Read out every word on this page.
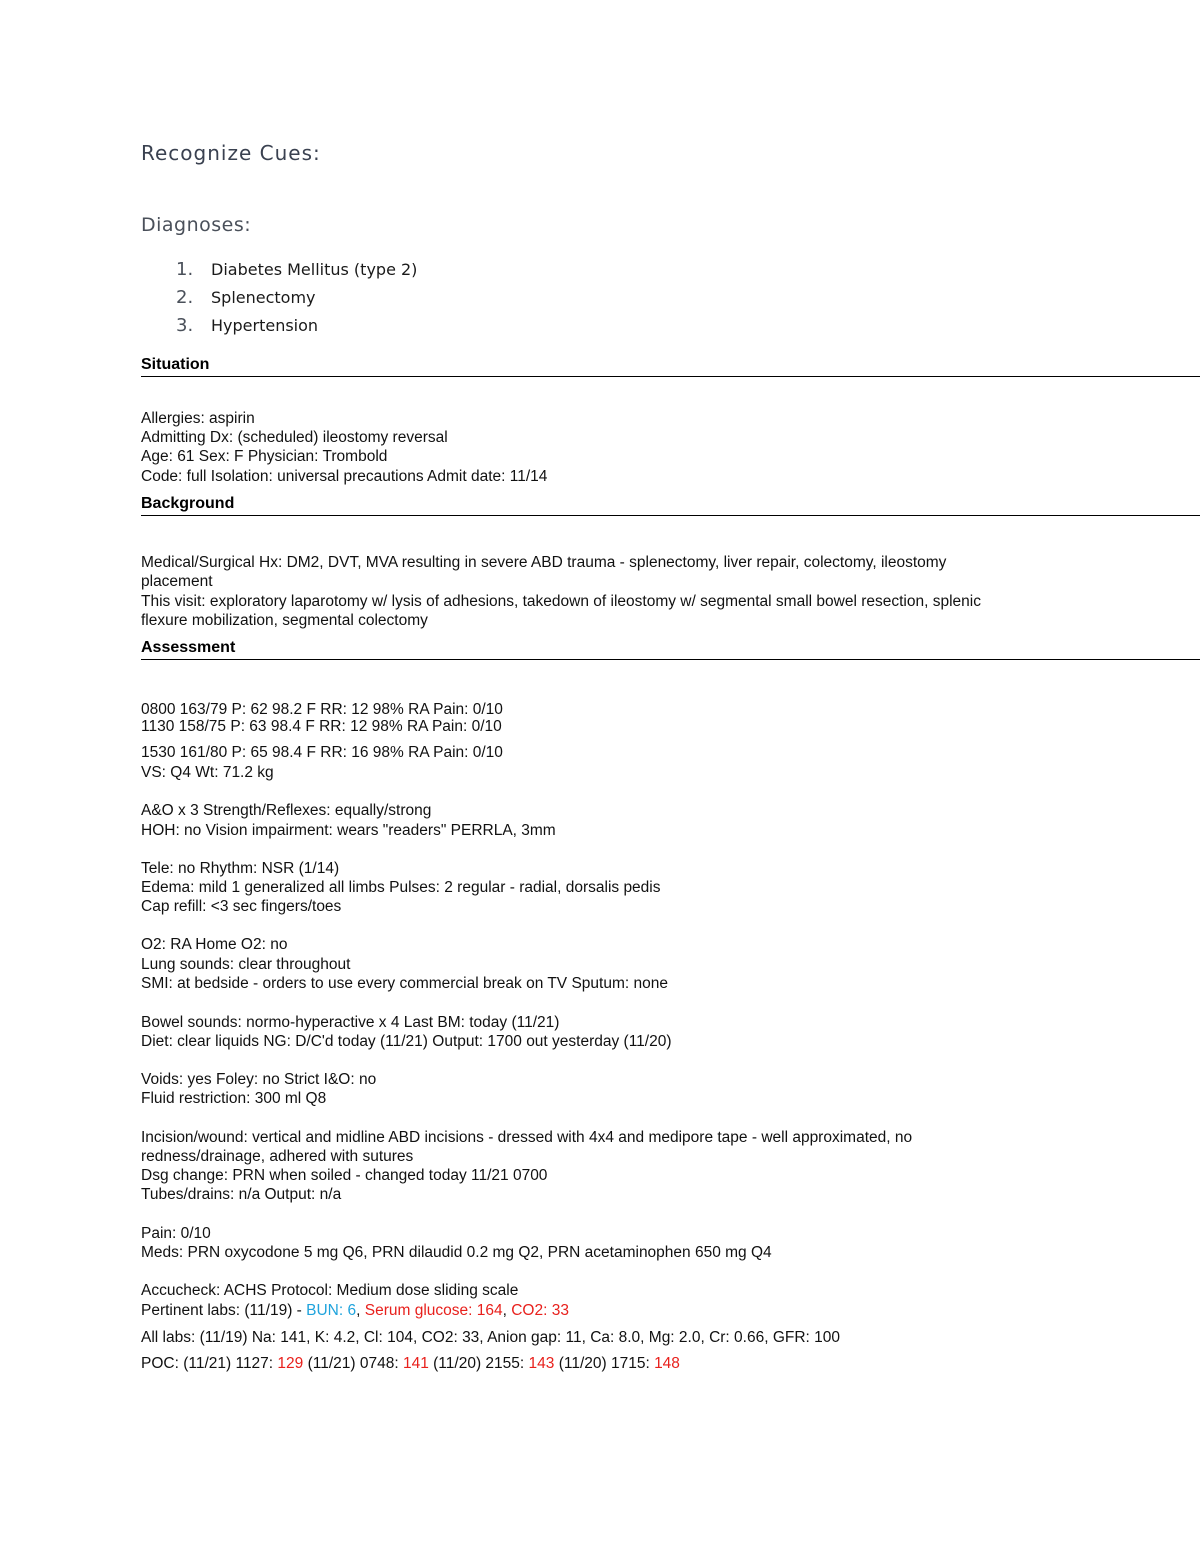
Recognize Cues:
Diagnoses:
1. Diabetes Mellitus (type 2)
2. Splenectomy
3. Hypertension
Situation
Allergies: aspirin
Admitting Dx: (scheduled) ileostomy reversal
Age: 61 Sex: F Physician: Trombold
Code: full Isolation: universal precautions Admit date: 11/14
Background
Medical/Surgical Hx: DM2, DVT, MVA resulting in severe ABD trauma - splenectomy, liver repair, colectomy, ileostomy
placement
This visit: exploratory laparotomy w/ lysis of adhesions, takedown of ileostomy w/ segmental small bowel resection, splenic
flexure mobilization, segmental colectomy
Assessment
0800 163/79 P: 62 98.2 F RR: 12 98% RA Pain: 0/10
1130 158/75 P: 63 98.4 F RR: 12 98% RA Pain: 0/10
1530 161/80 P: 65 98.4 F RR: 16 98% RA Pain: 0/10
VS: Q4 Wt: 71.2 kg
A&O x 3 Strength/Reflexes: equally/strong
HOH: no Vision impairment: wears "readers" PERRLA, 3mm
Tele: no Rhythm: NSR (1/14)
Edema: mild 1 generalized all limbs Pulses: 2 regular - radial, dorsalis pedis
Cap refill: <3 sec fingers/toes
O2: RA Home O2: no
Lung sounds: clear throughout
SMI: at bedside - orders to use every commercial break on TV Sputum: none
Bowel sounds: normo-hyperactive x 4 Last BM: today (11/21)
Diet: clear liquids NG: D/C'd today (11/21) Output: 1700 out yesterday (11/20)
Voids: yes Foley: no Strict I&O: no
Fluid restriction: 300 ml Q8
Incision/wound: vertical and midline ABD incisions - dressed with 4x4 and medipore tape - well approximated, no
redness/drainage, adhered with sutures
Dsg change: PRN when soiled - changed today 11/21 0700
Tubes/drains: n/a Output: n/a
Pain: 0/10
Meds: PRN oxycodone 5 mg Q6, PRN dilaudid 0.2 mg Q2, PRN acetaminophen 650 mg Q4
Accucheck: ACHS Protocol: Medium dose sliding scale
Pertinent labs: (11/19) - BUN: 6, Serum glucose: 164, CO2: 33
All labs: (11/19) Na: 141, K: 4.2, Cl: 104, CO2: 33, Anion gap: 11, Ca: 8.0, Mg: 2.0, Cr: 0.66, GFR: 100
POC: (11/21) 1127: 129 (11/21) 0748: 141 (11/20) 2155: 143 (11/20) 1715: 148
